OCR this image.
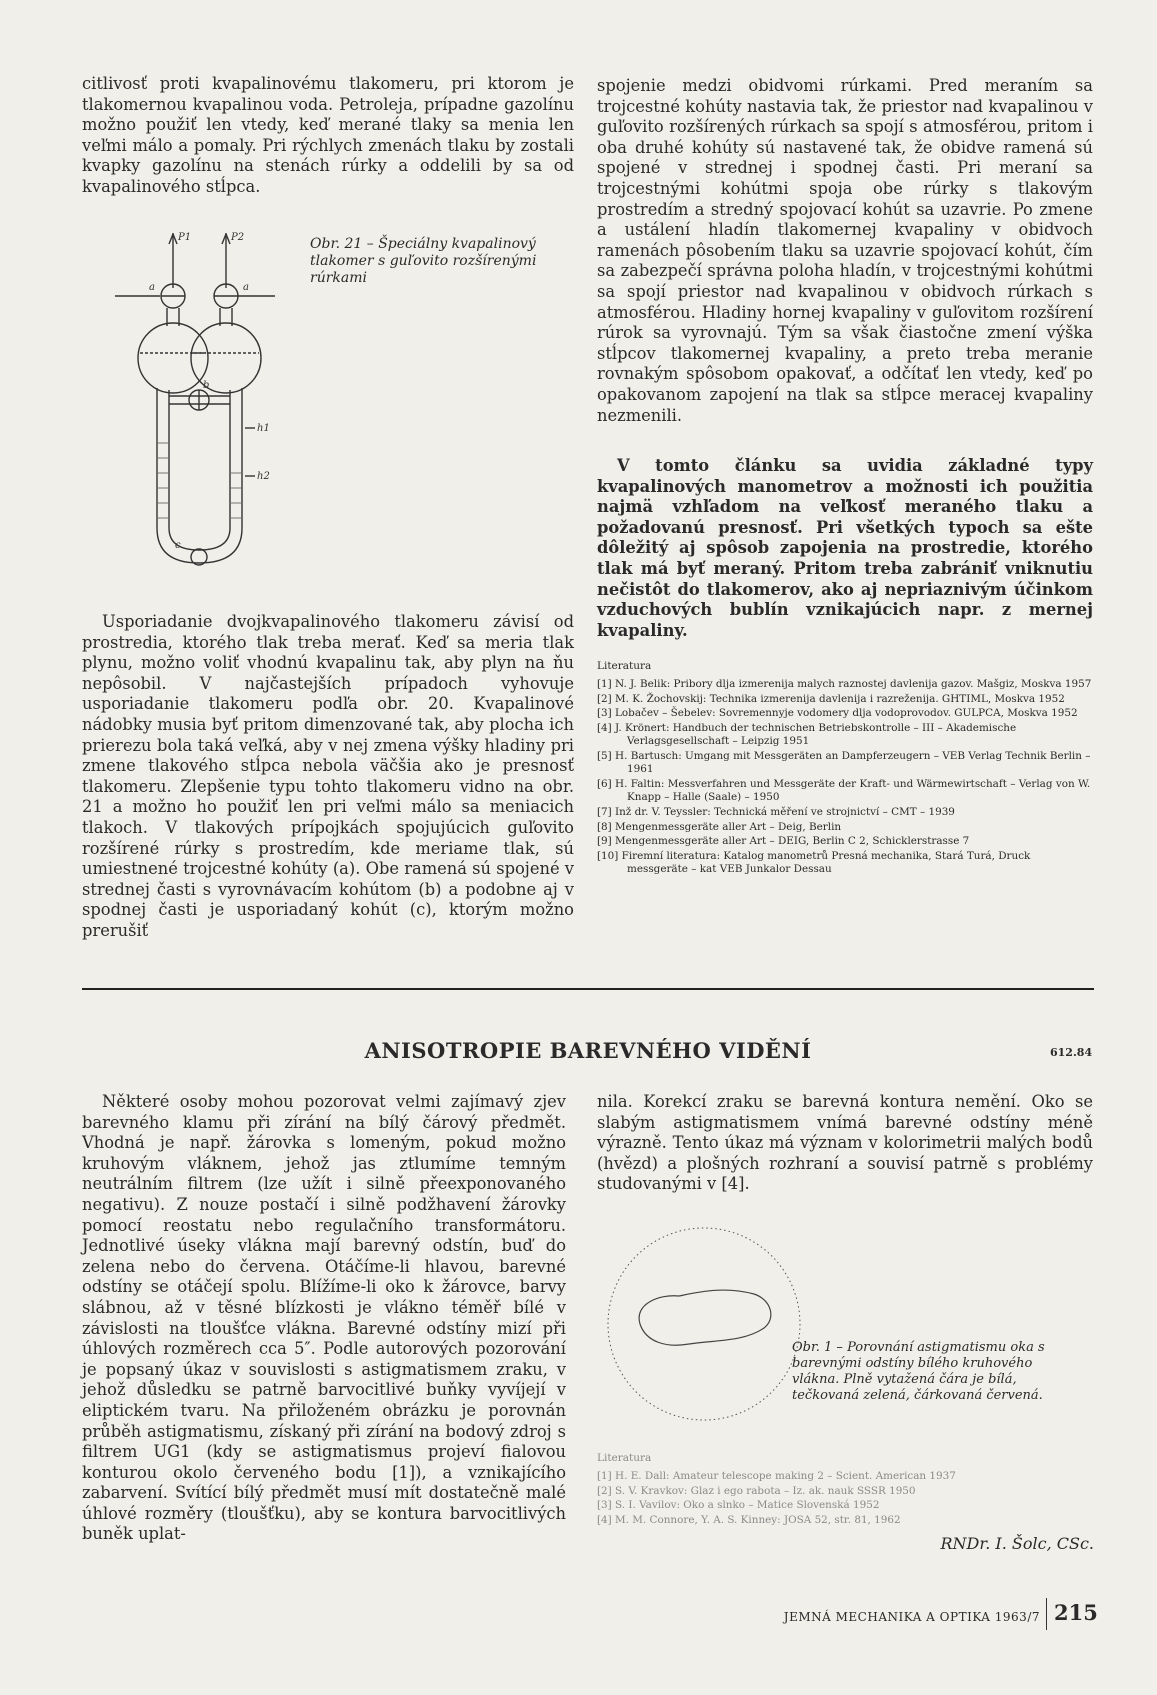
citlivosť proti kvapalinovému tlakomeru, pri ktorom je tlakomernou kvapalinou voda. Petroleja, prípadne gazolínu možno použiť len vtedy, keď merané tlaky sa menia len veľmi málo a pomaly. Pri rýchlych zmenách tlaku by zostali kvapky gazolínu na stenách rúrky a oddelili by sa od kvapalinového stĺpca.

P1	P2
a	a
b
c
h1
h2
Obr. 21 – Špeciálny kvapalinový tlakomer s guľovito rozšírenými rúrkami

Usporiadanie dvojkvapalinového tlakomeru závisí od prostredia, ktorého tlak treba merať. Keď sa meria tlak plynu, možno voliť vhodnú kvapalinu tak, aby plyn na ňu nepôsobil. V najčastejších prípadoch vyhovuje usporiadanie tlakomeru podľa obr. 20. Kvapalinové nádobky musia byť pritom dimenzované tak, aby plocha ich prierezu bola taká veľká, aby v nej zmena výšky hladiny pri zmene tlakového stĺpca nebola väčšia ako je presnosť tlakomeru. Zlepšenie typu tohto tlakomeru vidno na obr. 21 a možno ho použiť len pri veľmi málo sa meniacich tlakoch. V tlakových prípojkách spojujúcich guľovito rozšírené rúrky s prostredím, kde meriame tlak, sú umiestnené trojcestné kohúty (a). Obe ramená sú spojené v strednej časti s vyrovnávacím kohútom (b) a podobne aj v spodnej časti je usporiadaný kohút (c), ktorým možno prerušiť

spojenie medzi obidvomi rúrkami. Pred meraním sa trojcestné kohúty nastavia tak, že priestor nad kvapalinou v guľovito rozšírených rúrkach sa spojí s atmosférou, pritom i oba druhé kohúty sú nastavené tak, že obidve ramená sú spojené v strednej i spodnej časti. Pri meraní sa trojcestnými kohútmi spoja obe rúrky s tlakovým prostredím a stredný spojovací kohút sa uzavrie. Po zmene a ustálení hladín tlakomernej kvapaliny v obidvoch ramenách pôsobením tlaku sa uzavrie spojovací kohút, čím sa zabezpečí správna poloha hladín, v trojcestnými kohútmi sa spojí priestor nad kvapalinou v obidvoch rúrkach s atmosférou. Hladiny hornej kvapaliny v guľovitom rozšírení rúrok sa vyrovnajú. Tým sa však čiastočne zmení výška stĺpcov tlakomernej kvapaliny, a preto treba meranie rovnakým spôsobom opakovať, a odčítať len vtedy, keď po opakovanom zapojení na tlak sa stĺpce meracej kvapaliny nezmenili.

V tomto článku sa uvidia základné typy kvapalinových manometrov a možnosti ich použitia najmä vzhľadom na veľkosť meraného tlaku a požadovanú presnosť. Pri všetkých typoch sa ešte dôležitý aj spôsob zapojenia na prostredie, ktorého tlak má byť meraný. Pritom treba zabrániť vniknutiu nečistôt do tlakomerov, ako aj nepriaznivým účinkom vzduchových bublín vznikajúcich napr. z mernej kvapaliny.

Literatura

[1] N. J. Belik: Pribory dlja izmerenija malych raznostej davlenija gazov. Mašgiz, Moskva 1957
[2] M. K. Žochovskij: Technika izmerenija davlenija i razreženija. GHTIML, Moskva 1952
[3] Lobačev – Šebelev: Sovremennyje vodomery dlja vodoprovodov. GULPCA, Moskva 1952
[4] J. Krönert: Handbuch der technischen Betriebskontrolle – III – Akademische Verlagsgesellschaft – Leipzig 1951
[5] H. Bartusch: Umgang mit Messgeräten an Dampferzeugern – VEB Verlag Technik Berlin – 1961
[6] H. Faltin: Messverfahren und Messgeräte der Kraft- und Wärmewirtschaft – Verlag von W. Knapp – Halle (Saale) – 1950
[7] Inž dr. V. Teyssler: Technická měření ve strojnictví – CMT – 1939
[8] Mengenmessgeräte aller Art – Deig, Berlin
[9] Mengenmessgeräte aller Art – DEIG, Berlin C 2, Schicklerstrasse 7
[10] Firemní literatura: Katalog manometrů Presná mechanika, Stará Turá, Druck messgeräte – kat VEB Junkalor Dessau
ANISOTROPIE BAREVNÉHO VIDĚNÍ	612.84

Některé osoby mohou pozorovat velmi zajímavý zjev barevného klamu při zírání na bílý čárový předmět. Vhodná je např. žárovka s lomeným, pokud možno kruhovým vláknem, jehož jas ztlumíme temným neutrálním filtrem (lze užít i silně přeexponovaného negativu). Z nouze postačí i silně podžhavení žárovky pomocí reostatu nebo regulačního transformátoru. Jednotlivé úseky vlákna mají barevný odstín, buď do zelena nebo do červena. Otáčíme-li hlavou, barevné odstíny se otáčejí spolu. Blížíme-li oko k žárovce, barvy slábnou, až v těsné blízkosti je vlákno téměř bílé v závislosti na tloušťce vlákna. Barevné odstíny mizí při úhlových rozměrech cca 5″. Podle autorových pozorování je popsaný úkaz v souvislosti s astigmatismem zraku, v jehož důsledku se patrně barvocitlivé buňky vyvíjejí v eliptickém tvaru. Na přiloženém obrázku je porovnán průběh astigmatismu, získaný při zírání na bodový zdroj s filtrem UG1 (kdy se astigmatismus projeví fialovou konturou okolo červeného bodu [1]), a vznikajícího zabarvení. Svítící bílý předmět musí mít dostatečně malé úhlové rozměry (tloušťku), aby se kontura barvocitlivých buněk uplat-

nila. Korekcí zraku se barevná kontura nemění. Oko se slabým astigmatismem vnímá barevné odstíny méně výrazně. Tento úkaz má význam v kolorimetrii malých bodů (hvězd) a plošných rozhraní a souvisí patrně s problémy studovanými v [4].

Obr. 1 – Porovnání astigmatismu oka s barevnými odstíny bílého kruhového vlákna. Plně vytažená čára je bílá, tečkovaná zelená, čárkovaná červená.

Literatura

[1] H. E. Dall: Amateur telescope making 2 – Scient. American 1937
[2] S. V. Kravkov: Glaz i ego rabota – Iz. ak. nauk SSSR 1950
[3] S. I. Vavilov: Oko a slnko – Matice Slovenská 1952
[4] M. M. Connore, Y. A. S. Kinney: JOSA 52, str. 81, 1962
RNDr. I. Šolc, CSc.
JEMNÁ MECHANIKA A OPTIKA 1963/7 215
